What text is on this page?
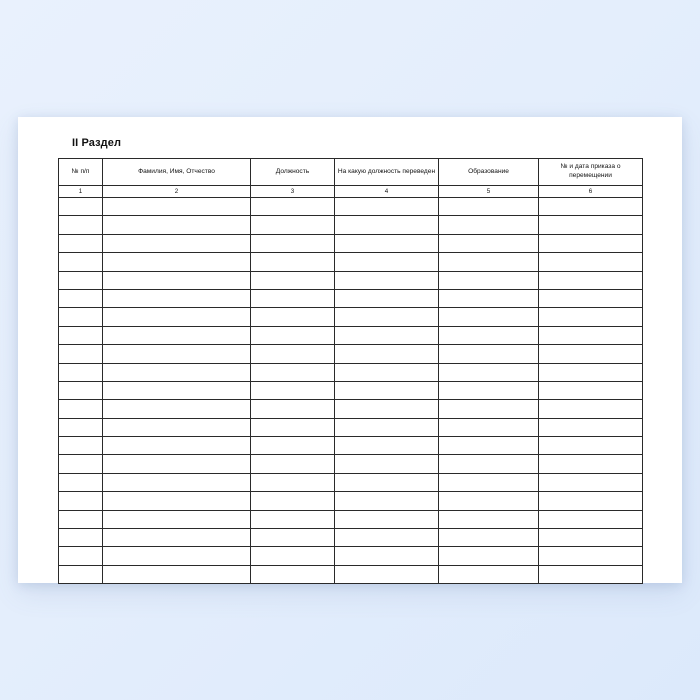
II Раздел
№ п/п	Фамилия, Имя, Отчество	Должность	На какую должность переведен	Образование	№ и дата приказа о перемещении
1	2	3	4	5	6
